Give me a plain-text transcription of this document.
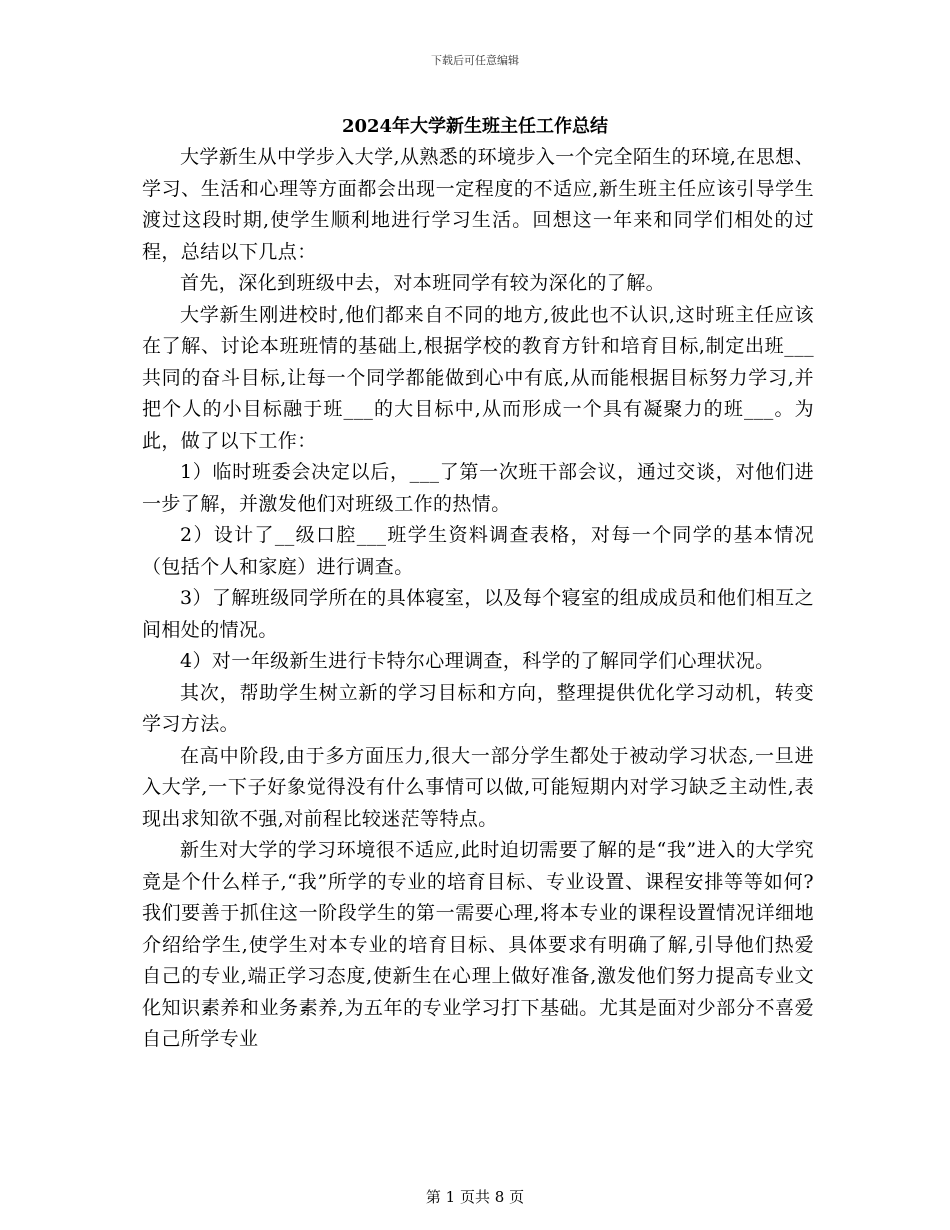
下载后可任意编辑
2024年大学新生班主任工作总结

大学新生从中学步入大学,从熟悉的环境步入一个完全陌生的环境,在思想、学习、生活和心理等方面都会出现一定程度的不适应,新生班主任应该引导学生渡过这段时期,使学生顺利地进行学习生活。回想这一年来和同学们相处的过程，总结以下几点：

首先，深化到班级中去，对本班同学有较为深化的了解。

大学新生刚进校时,他们都来自不同的地方,彼此也不认识,这时班主任应该在了解、讨论本班班情的基础上,根据学校的教育方针和培育目标,制定出班___共同的奋斗目标,让每一个同学都能做到心中有底,从而能根据目标努力学习,并把个人的小目标融于班___的大目标中,从而形成一个具有凝聚力的班___。为此，做了以下工作：

1）临时班委会决定以后，___了第一次班干部会议，通过交谈，对他们进一步了解，并激发他们对班级工作的热情。

2）设计了__级口腔___班学生资料调查表格，对每一个同学的基本情况（包括个人和家庭）进行调查。

3）了解班级同学所在的具体寝室，以及每个寝室的组成成员和他们相互之间相处的情况。

4）对一年级新生进行卡特尔心理调查，科学的了解同学们心理状况。

其次，帮助学生树立新的学习目标和方向，整理提供优化学习动机，转变学习方法。

在高中阶段,由于多方面压力,很大一部分学生都处于被动学习状态,一旦进入大学,一下子好象觉得没有什么事情可以做,可能短期内对学习缺乏主动性,表现出求知欲不强,对前程比较迷茫等特点。

新生对大学的学习环境很不适应,此时迫切需要了解的是“我”进入的大学究竟是个什么样子,“我”所学的专业的培育目标、专业设置、课程安排等等如何?我们要善于抓住这一阶段学生的第一需要心理,将本专业的课程设置情况详细地介绍给学生,使学生对本专业的培育目标、具体要求有明确了解,引导他们热爱自己的专业,端正学习态度,使新生在心理上做好准备,激发他们努力提高专业文化知识素养和业务素养,为五年的专业学习打下基础。尤其是面对少部分不喜爱自己所学专业

第 1 页共 8 页
